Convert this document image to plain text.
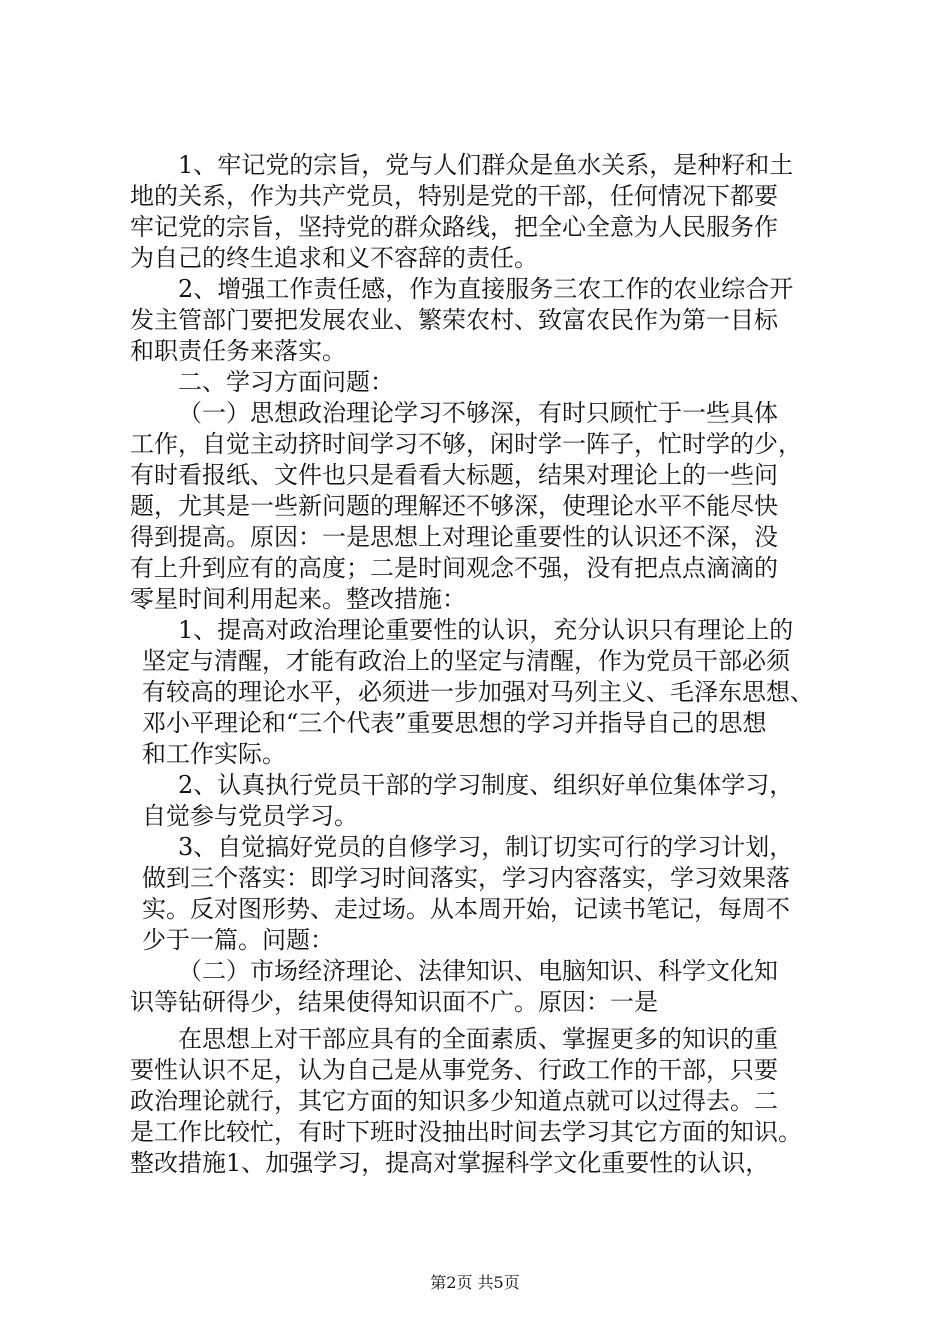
1、牢记党的宗旨，党与人们群众是鱼水关系，是种籽和土
地的关系，作为共产党员，特别是党的干部，任何情况下都要
牢记党的宗旨，坚持党的群众路线，把全心全意为人民服务作
为自己的终生追求和义不容辞的责任。
2、增强工作责任感，作为直接服务三农工作的农业综合开
发主管部门要把发展农业、繁荣农村、致富农民作为第一目标
和职责任务来落实。
二、学习方面问题：
（一）思想政治理论学习不够深，有时只顾忙于一些具体
工作，自觉主动挤时间学习不够，闲时学一阵子，忙时学的少，
有时看报纸、文件也只是看看大标题，结果对理论上的一些问
题，尤其是一些新问题的理解还不够深，使理论水平不能尽快
得到提高。原因：一是思想上对理论重要性的认识还不深，没
有上升到应有的高度；二是时间观念不强，没有把点点滴滴的
零星时间利用起来。整改措施：
1、提高对政治理论重要性的认识，充分认识只有理论上的
坚定与清醒，才能有政治上的坚定与清醒，作为党员干部必须
有较高的理论水平，必须进一步加强对马列主义、毛泽东思想、
邓小平理论和“三个代表”重要思想的学习并指导自己的思想
和工作实际。
2、认真执行党员干部的学习制度、组织好单位集体学习，
自觉参与党员学习。
3、自觉搞好党员的自修学习，制订切实可行的学习计划，
做到三个落实：即学习时间落实，学习内容落实，学习效果落
实。反对图形势、走过场。从本周开始，记读书笔记，每周不
少于一篇。问题：
（二）市场经济理论、法律知识、电脑知识、科学文化知
识等钻研得少，结果使得知识面不广。原因：一是
在思想上对干部应具有的全面素质、掌握更多的知识的重
要性认识不足，认为自己是从事党务、行政工作的干部，只要
政治理论就行，其它方面的知识多少知道点就可以过得去。二
是工作比较忙，有时下班时没抽出时间去学习其它方面的知识。
整改措施1、加强学习，提高对掌握科学文化重要性的认识，
第2页 共5页
